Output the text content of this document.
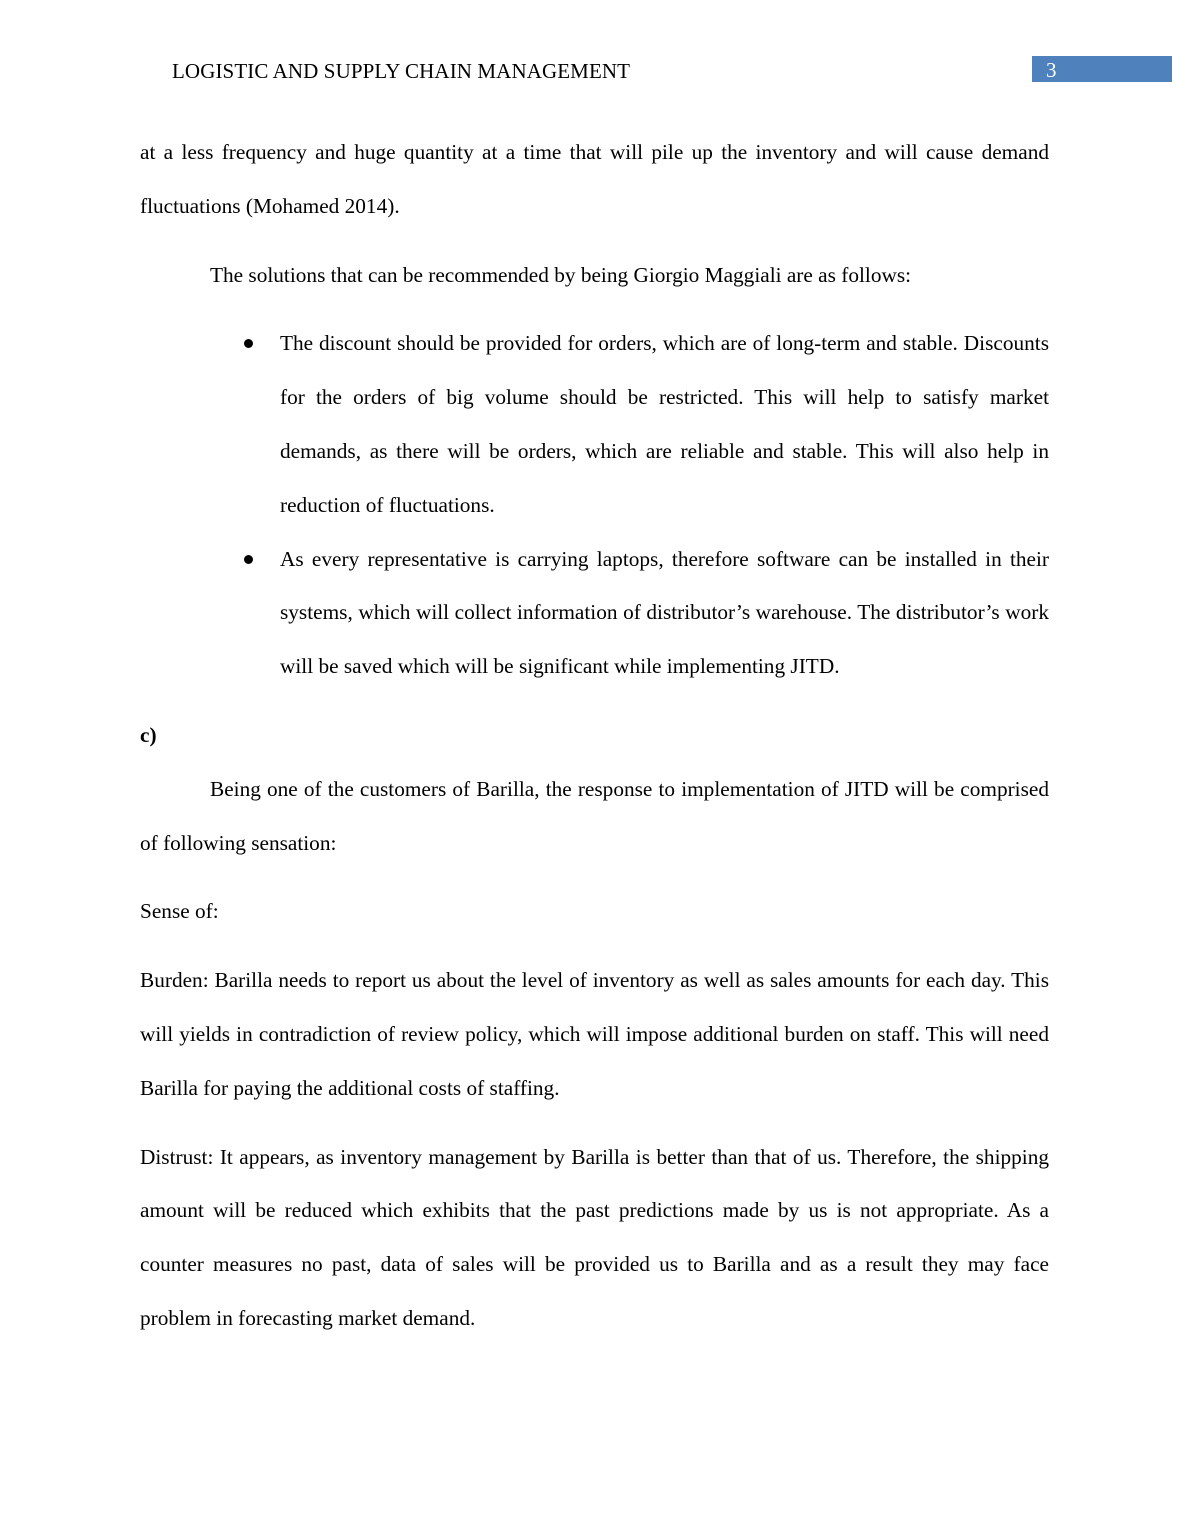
LOGISTIC AND SUPPLY CHAIN MANAGEMENT	3

at a less frequency and huge quantity at a time that will pile up the inventory and will cause demand fluctuations (Mohamed 2014).

The solutions that can be recommended by being Giorgio Maggiali are as follows:

The discount should be provided for orders, which are of long-term and stable. Discounts for the orders of big volume should be restricted. This will help to satisfy market demands, as there will be orders, which are reliable and stable. This will also help in reduction of fluctuations.
As every representative is carrying laptops, therefore software can be installed in their systems, which will collect information of distributor’s warehouse. The distributor’s work will be saved which will be significant while implementing JITD.

c)

Being one of the customers of Barilla, the response to implementation of JITD will be comprised of following sensation:

Sense of:

Burden: Barilla needs to report us about the level of inventory as well as sales amounts for each day. This will yields in contradiction of review policy, which will impose additional burden on staff. This will need Barilla for paying the additional costs of staffing.

Distrust: It appears, as inventory management by Barilla is better than that of us. Therefore, the shipping amount will be reduced which exhibits that the past predictions made by us is not appropriate. As a counter measures no past, data of sales will be provided us to Barilla and as a result they may face problem in forecasting market demand.
